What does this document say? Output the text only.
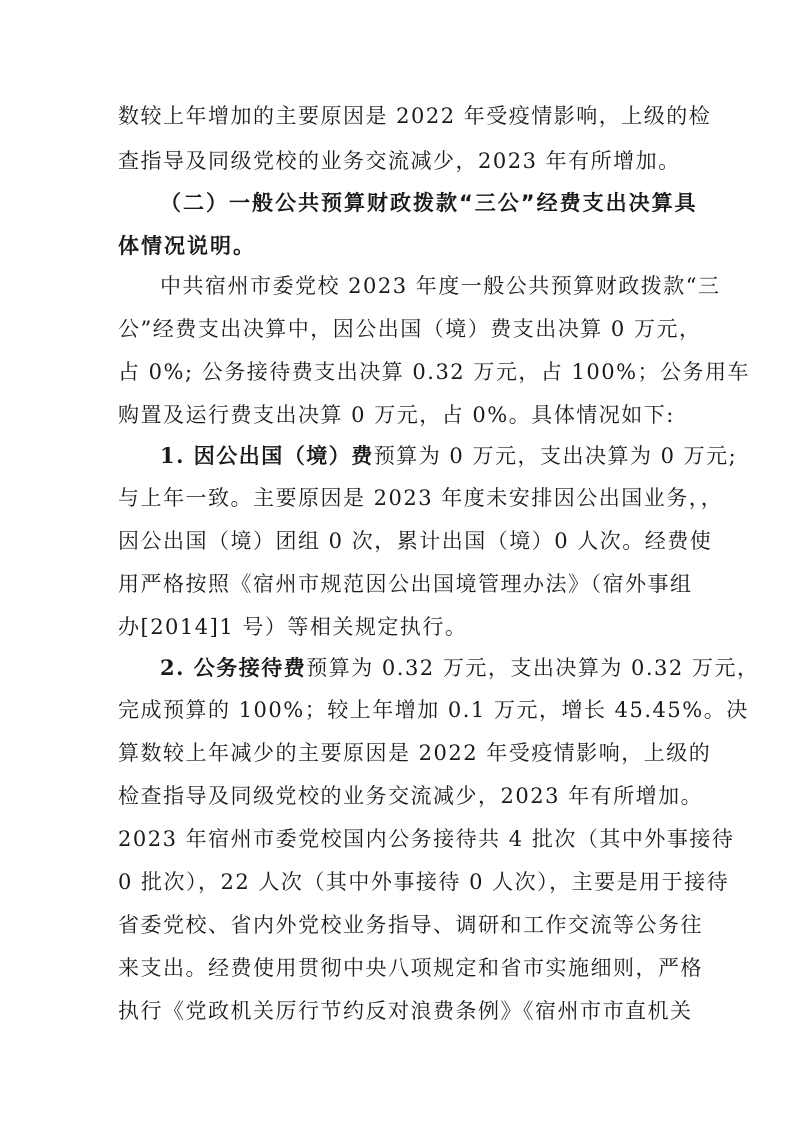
数较上年增加的主要原因是 2022 年受疫情影响，上级的检
查指导及同级党校的业务交流减少，2023 年有所增加。
（二）一般公共预算财政拨款“三公”经费支出决算具
体情况说明。
中共宿州市委党校 2023 年度一般公共预算财政拨款“三
公”经费支出决算中，因公出国（境）费支出决算 0 万元，
占 0%; 公务接待费支出决算 0.32 万元，占 100%；公务用车
购置及运行费支出决算 0 万元，占 0%。具体情况如下:
1. 因公出国（境）费预算为 0 万元，支出决算为 0 万元;
与上年一致。主要原因是 2023 年度未安排因公出国业务，，
因公出国（境）团组 0 次，累计出国（境）0 人次。经费使
用严格按照《宿州市规范因公出国境管理办法》（宿外事组
办[2014]1 号）等相关规定执行。
2. 公务接待费预算为 0.32 万元，支出决算为 0.32 万元，
完成预算的 100%；较上年增加 0.1 万元，增长 45.45%。决
算数较上年减少的主要原因是 2022 年受疫情影响，上级的
检查指导及同级党校的业务交流减少，2023 年有所增加。
2023 年宿州市委党校国内公务接待共 4 批次（其中外事接待
0 批次），22 人次（其中外事接待 0 人次），主要是用于接待
省委党校、省内外党校业务指导、调研和工作交流等公务往
来支出。经费使用贯彻中央八项规定和省市实施细则，严格
执行《党政机关厉行节约反对浪费条例》《宿州市市直机关
